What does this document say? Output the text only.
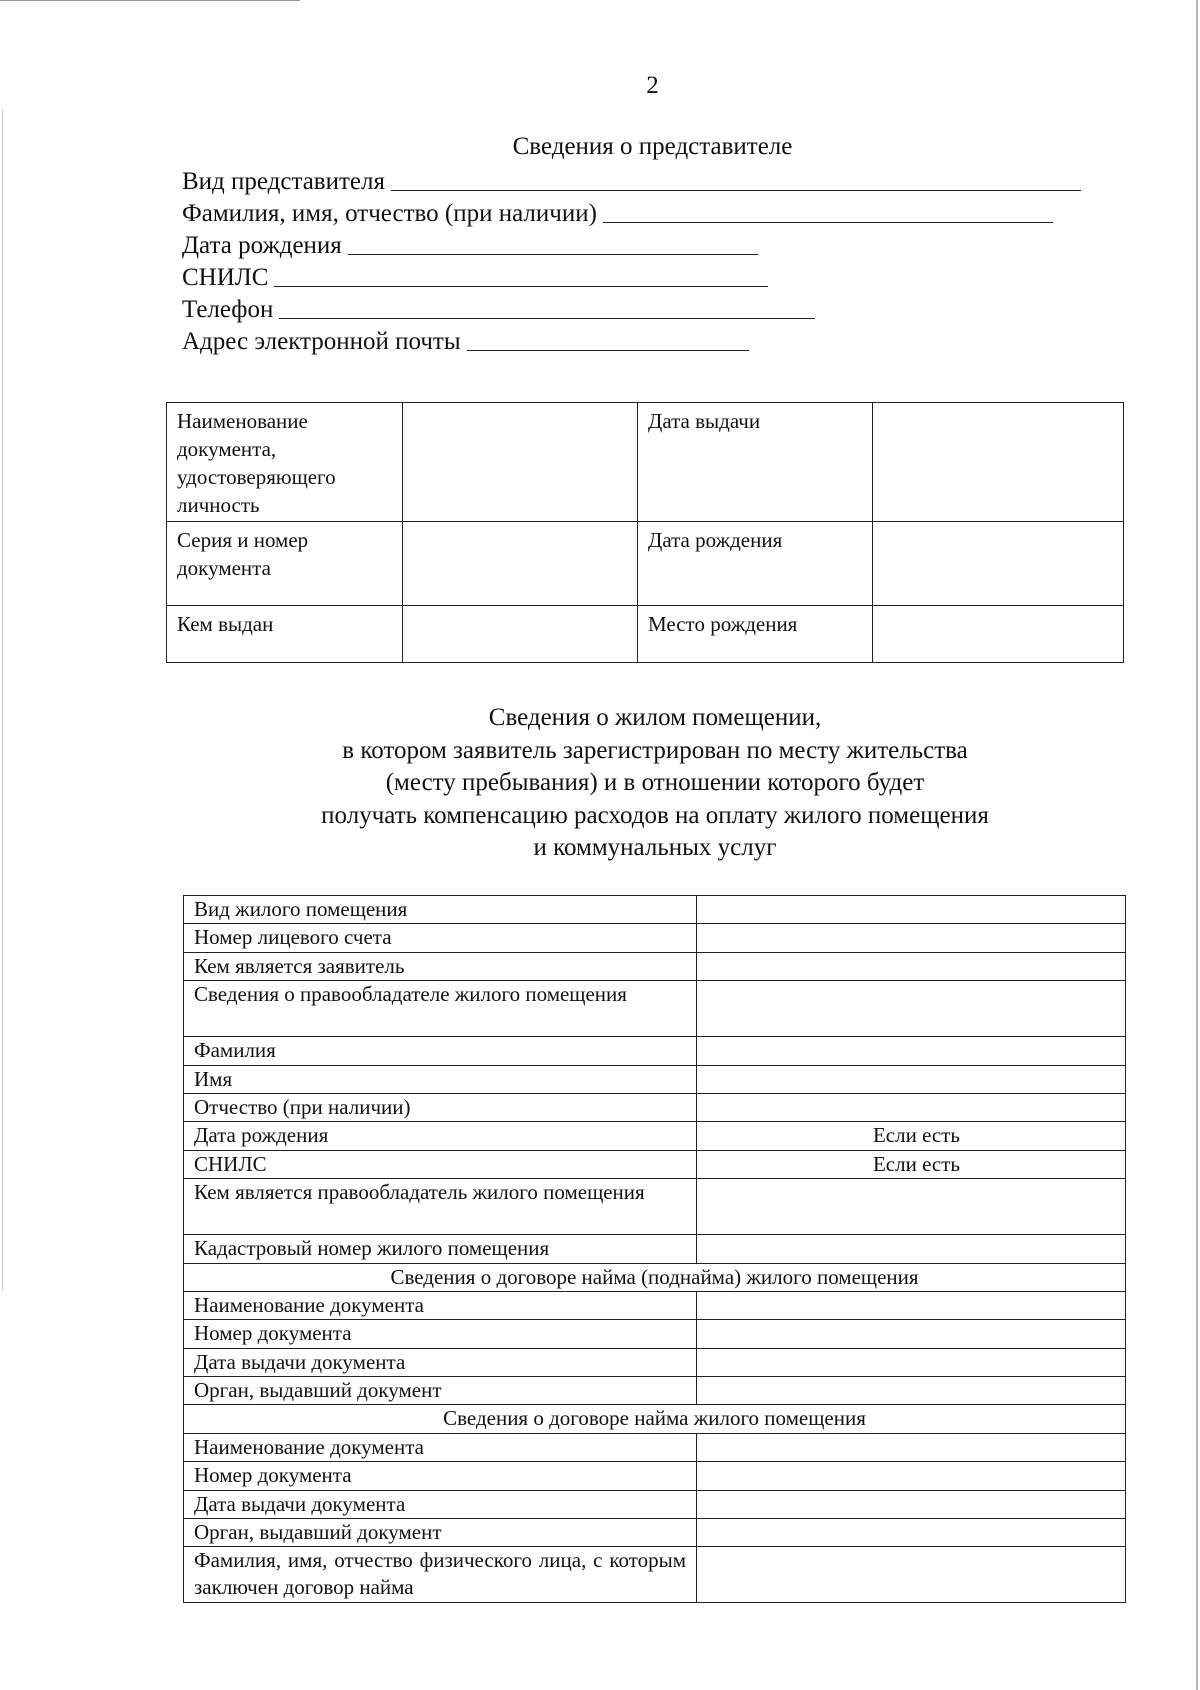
2
Сведения о представителе
Вид представителя
Фамилия, имя, отчество (при наличии)
Дата рождения
СНИЛС
Телефон
Адрес электронной почты
Наименование документа, удостоверяющего личность		Дата выдачи	
Серия и номер документа		Дата рождения	
Кем выдан		Место рождения	
Сведения о жилом помещении,
в котором заявитель зарегистрирован по месту жительства
(месту пребывания) и в отношении которого будет
получать компенсацию расходов на оплату жилого помещения
и коммунальных услуг
Вид жилого помещения	
Номер лицевого счета	
Кем является заявитель	
Сведения о правообладателе жилого помещения	
Фамилия	
Имя	
Отчество (при наличии)	
Дата рождения	Если есть
СНИЛС	Если есть
Кем является правообладатель жилого помещения	
Кадастровый номер жилого помещения	
Сведения о договоре найма (поднайма) жилого помещения	
Наименование документа	
Номер документа	
Дата выдачи документа	
Орган, выдавший документ	
Сведения о договоре найма жилого помещения	
Наименование документа	
Номер документа	
Дата выдачи документа	
Орган, выдавший документ	
Фамилия, имя, отчество физического лица, с которым заключен договор найма	
